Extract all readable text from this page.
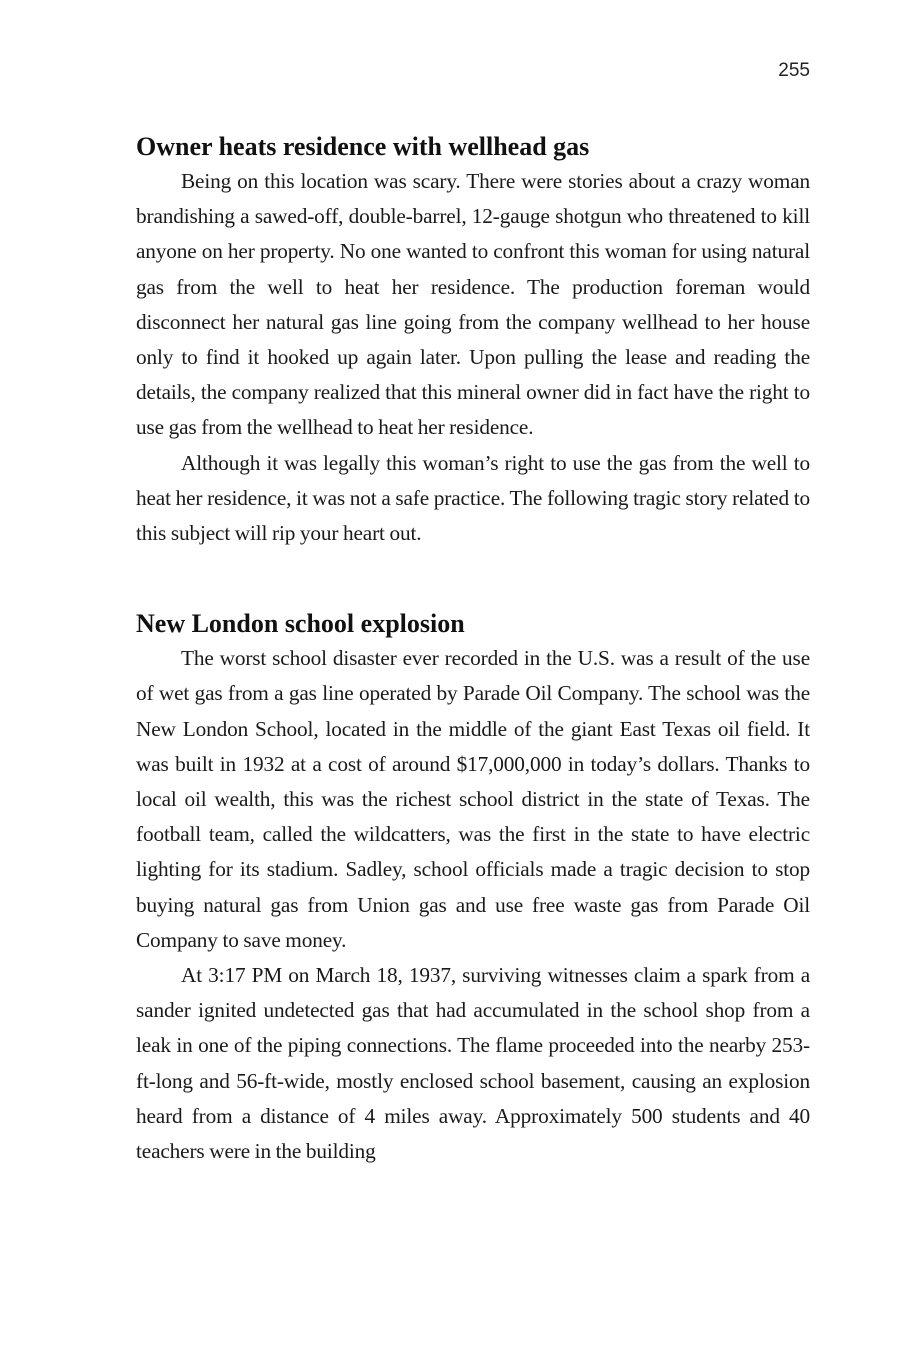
255
Owner heats residence with wellhead gas

Being on this location was scary. There were stories about a crazy woman brandishing a sawed-off, double-barrel, 12-gauge shotgun who threatened to kill anyone on her property. No one wanted to confront this woman for using natural gas from the well to heat her residence. The production foreman would disconnect her natural gas line going from the company wellhead to her house only to find it hooked up again later. Upon pulling the lease and reading the details, the company realized that this mineral owner did in fact have the right to use gas from the wellhead to heat her residence.

Although it was legally this woman’s right to use the gas from the well to heat her residence, it was not a safe practice. The following tragic story related to this subject will rip your heart out.

New London school explosion

The worst school disaster ever recorded in the U.S. was a result of the use of wet gas from a gas line operated by Parade Oil Company. The school was the New London School, located in the middle of the giant East Texas oil field. It was built in 1932 at a cost of around $17,000,000 in today’s dollars. Thanks to local oil wealth, this was the richest school district in the state of Texas. The football team, called the wildcatters, was the first in the state to have electric lighting for its stadium. Sadley, school officials made a tragic decision to stop buying natural gas from Union gas and use free waste gas from Parade Oil Company to save money.

At 3:17 PM on March 18, 1937, surviving witnesses claim a spark from a sander ignited undetected gas that had accumulated in the school shop from a leak in one of the piping connections. The flame proceeded into the nearby 253-ft-long and 56-ft-wide, mostly enclosed school basement, causing an explosion heard from a distance of 4 miles away. Approximately 500 students and 40 teachers were in the building
